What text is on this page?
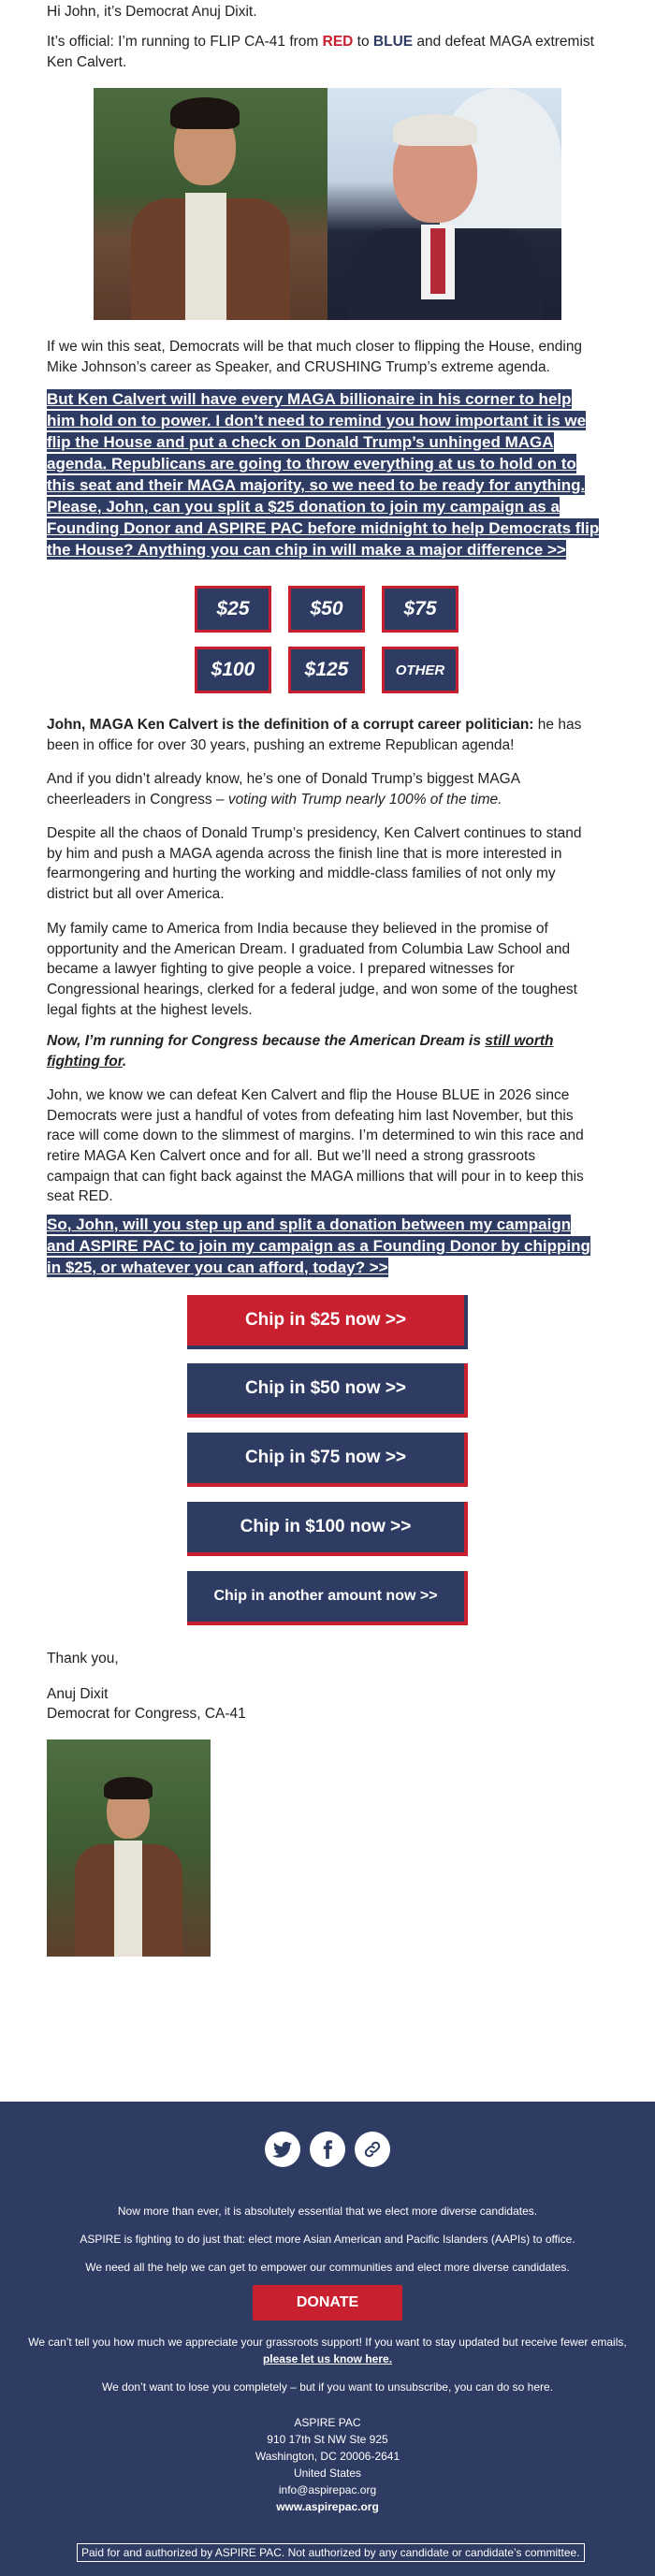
Hi John, it’s Democrat Anuj Dixit.

It’s official: I’m running to FLIP CA-41 from RED to BLUE and defeat MAGA extremist Ken Calvert.

If we win this seat, Democrats will be that much closer to flipping the House, ending Mike Johnson’s career as Speaker, and CRUSHING Trump’s extreme agenda.

But Ken Calvert will have every MAGA billionaire in his corner to help him hold on to power. I don’t need to remind you how important it is we flip the House and put a check on Donald Trump’s unhinged MAGA agenda. Republicans are going to throw everything at us to hold on to this seat and their MAGA majority, so we need to be ready for anything. Please, John, can you split a $25 donation to join my campaign as a Founding Donor and ASPIRE PAC before midnight to help Democrats flip the House? Anything you can chip in will make a major difference >>

$25	$50	$75
$100	$125	OTHER

John, MAGA Ken Calvert is the definition of a corrupt career politician: he has been in office for over 30 years, pushing an extreme Republican agenda!

And if you didn’t already know, he’s one of Donald Trump’s biggest MAGA cheerleaders in Congress – voting with Trump nearly 100% of the time.

Despite all the chaos of Donald Trump’s presidency, Ken Calvert continues to stand by him and push a MAGA agenda across the finish line that is more interested in fearmongering and hurting the working and middle-class families of not only my district but all over America.

My family came to America from India because they believed in the promise of opportunity and the American Dream. I graduated from Columbia Law School and became a lawyer fighting to give people a voice. I prepared witnesses for Congressional hearings, clerked for a federal judge, and won some of the toughest legal fights at the highest levels.

Now, I’m running for Congress because the American Dream is still worth fighting for.

John, we know we can defeat Ken Calvert and flip the House BLUE in 2026 since Democrats were just a handful of votes from defeating him last November, but this race will come down to the slimmest of margins. I’m determined to win this race and retire MAGA Ken Calvert once and for all. But we’ll need a strong grassroots campaign that can fight back against the MAGA millions that will pour in to keep this seat RED.

So, John, will you step up and split a donation between my campaign and ASPIRE PAC to join my campaign as a Founding Donor by chipping in $25, or whatever you can afford, today? >>

Chip in $25 now >>
Chip in $50 now >>
Chip in $75 now >>
Chip in $100 now >>
Chip in another amount now >>

Thank you,

Anuj Dixit

Democrat for Congress, CA-41

Now more than ever, it is absolutely essential that we elect more diverse candidates.

ASPIRE is fighting to do just that: elect more Asian American and Pacific Islanders (AAPIs) to office.

We need all the help we can get to empower our communities and elect more diverse candidates.

DONATE

We can’t tell you how much we appreciate your grassroots support! If you want to stay updated but receive fewer emails,
please let us know here.

We don’t want to lose you completely – but if you want to unsubscribe, you can do so here.

ASPIRE PAC

910 17th St NW Ste 925

Washington, DC 20006-2641

United States

info@aspirepac.org

www.aspirepac.org

Paid for and authorized by ASPIRE PAC. Not authorized by any candidate or candidate’s committee.
